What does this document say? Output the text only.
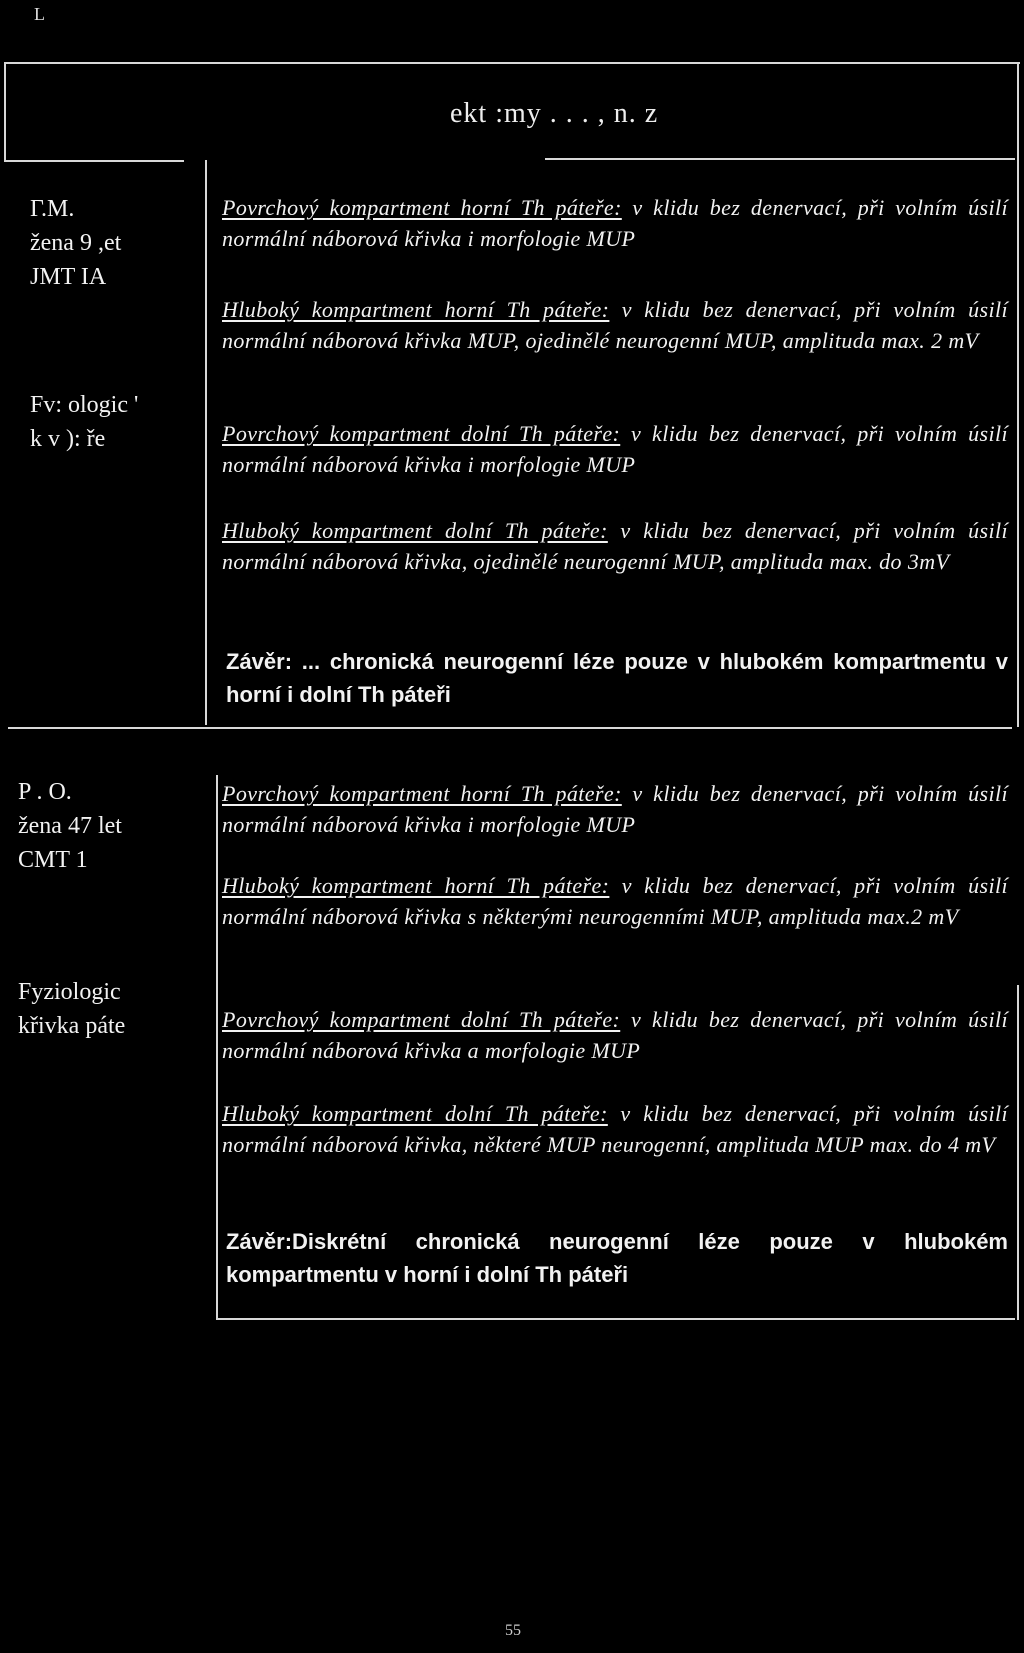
L
ekt :my . . . , n. z
Γ.M.
žena 9 ,et
JMT IA
Fv: ologic '
k v ): ře
Povrchový kompartment horní Th páteře: v klidu bez denervací, při volním úsilí normální náborová křivka i morfologie MUP
Hluboký kompartment horní Th páteře: v klidu bez denervací, při volním úsilí normální náborová křivka MUP, ojedinělé neurogenní MUP, amplituda max. 2 mV
Povrchový kompartment dolní Th páteře: v klidu bez denervací, při volním úsilí normální náborová křivka i morfologie MUP
Hluboký kompartment dolní Th páteře: v klidu bez denervací, při volním úsilí normální náborová křivka, ojedinělé neurogenní MUP, amplituda max. do 3mV
Závěr: ... chronická neurogenní léze pouze v hlubokém kompartmentu v horní i dolní Th páteři
P . O.
žena 47 let
CMT 1
Fyziologic
křivka páte
Povrchový kompartment horní Th páteře: v klidu bez denervací, při volním úsilí normální náborová křivka i morfologie MUP
Hluboký kompartment horní Th páteře: v klidu bez denervací, při volním úsilí normální náborová křivka s některými neurogenními MUP, amplituda max.2 mV
Povrchový kompartment dolní Th páteře: v klidu bez denervací, při volním úsilí normální náborová křivka a morfologie MUP
Hluboký kompartment dolní Th páteře: v klidu bez denervací, při volním úsilí normální náborová křivka, některé MUP neurogenní, amplituda MUP max. do 4 mV
Závěr:Diskrétní chronická neurogenní léze pouze v hlubokém kompartmentu v horní i dolní Th páteři
55
